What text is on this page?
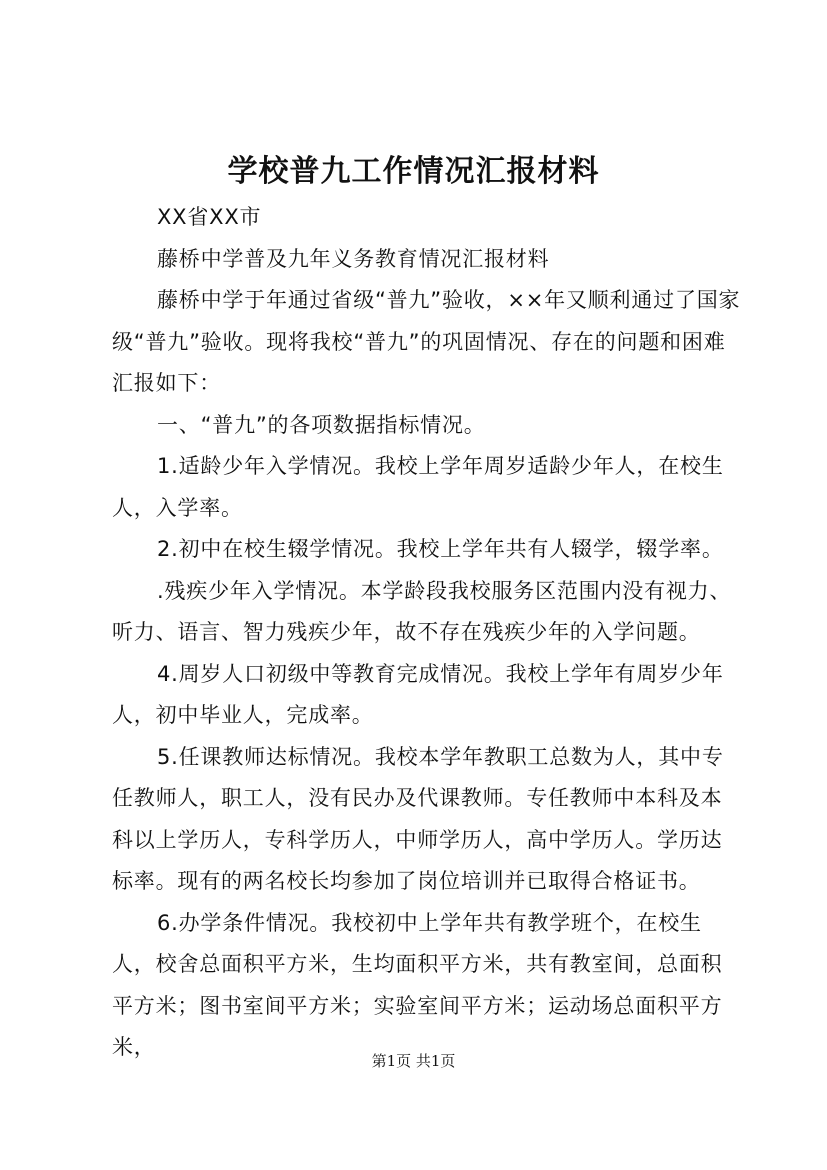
学校普九工作情况汇报材料

XX省XX市

藤桥中学普及九年义务教育情况汇报材料

藤桥中学于年通过省级“普九”验收，××年又顺利通过了国家级“普九”验收。现将我校“普九”的巩固情况、存在的问题和困难汇报如下：

一、“普九”的各项数据指标情况。

1.适龄少年入学情况。我校上学年周岁适龄少年人，在校生人，入学率。

2.初中在校生辍学情况。我校上学年共有人辍学，辍学率。

.残疾少年入学情况。本学龄段我校服务区范围内没有视力、听力、语言、智力残疾少年，故不存在残疾少年的入学问题。

4.周岁人口初级中等教育完成情况。我校上学年有周岁少年人，初中毕业人，完成率。

5.任课教师达标情况。我校本学年教职工总数为人，其中专任教师人，职工人，没有民办及代课教师。专任教师中本科及本科以上学历人，专科学历人，中师学历人，高中学历人。学历达标率。现有的两名校长均参加了岗位培训并已取得合格证书。

6.办学条件情况。我校初中上学年共有教学班个，在校生人，校舍总面积平方米，生均面积平方米，共有教室间，总面积平方米；图书室间平方米；实验室间平方米；运动场总面积平方米，

第1页 共1页
